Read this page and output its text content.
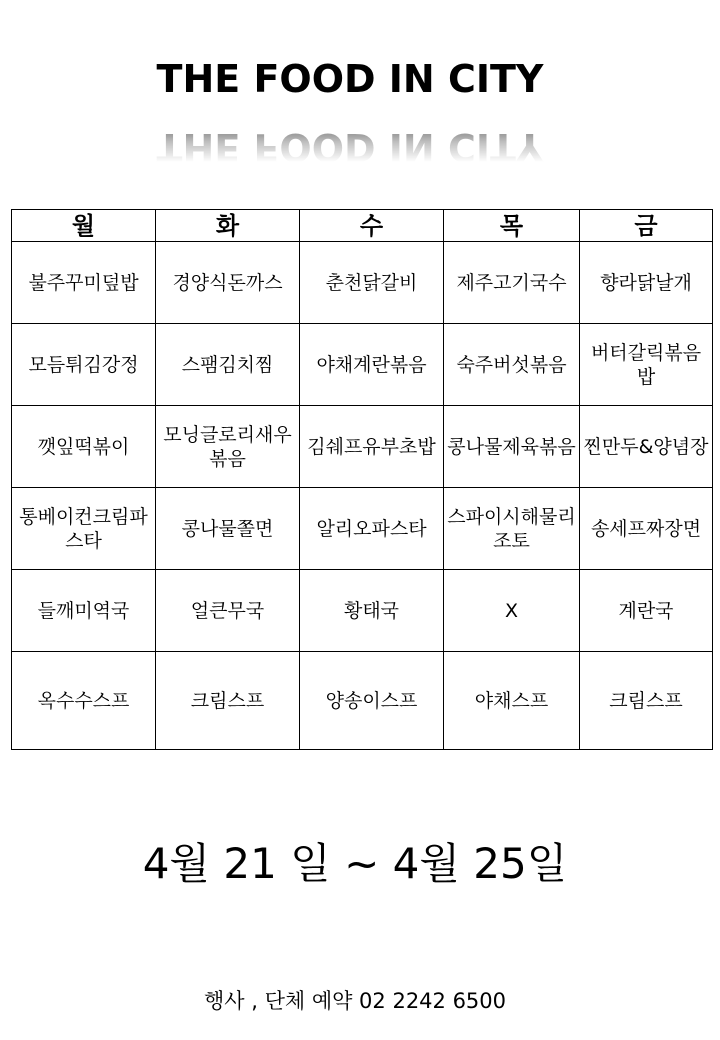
THE FOOD IN CITY
THE FOOD IN CITY
월	화	수	목	금
불주꾸미덮밥	경양식돈까스	춘천닭갈비	제주고기국수	향라닭날개
모듬튀김강정	스팸김치찜	야채계란볶음	숙주버섯볶음	버터갈릭볶음밥
깻잎떡볶이	모닝글로리새우볶음	김쉐프유부초밥	콩나물제육볶음	찐만두&양념장
통베이컨크림파스타	콩나물쫄면	알리오파스타	스파이시해물리조토	송세프짜장면
들깨미역국	얼큰무국	황태국	X	계란국
옥수수스프	크림스프	양송이스프	야채스프	크림스프
4월 21 일 ~ 4월 25일
행사 , 단체 예약 02 2242 6500
